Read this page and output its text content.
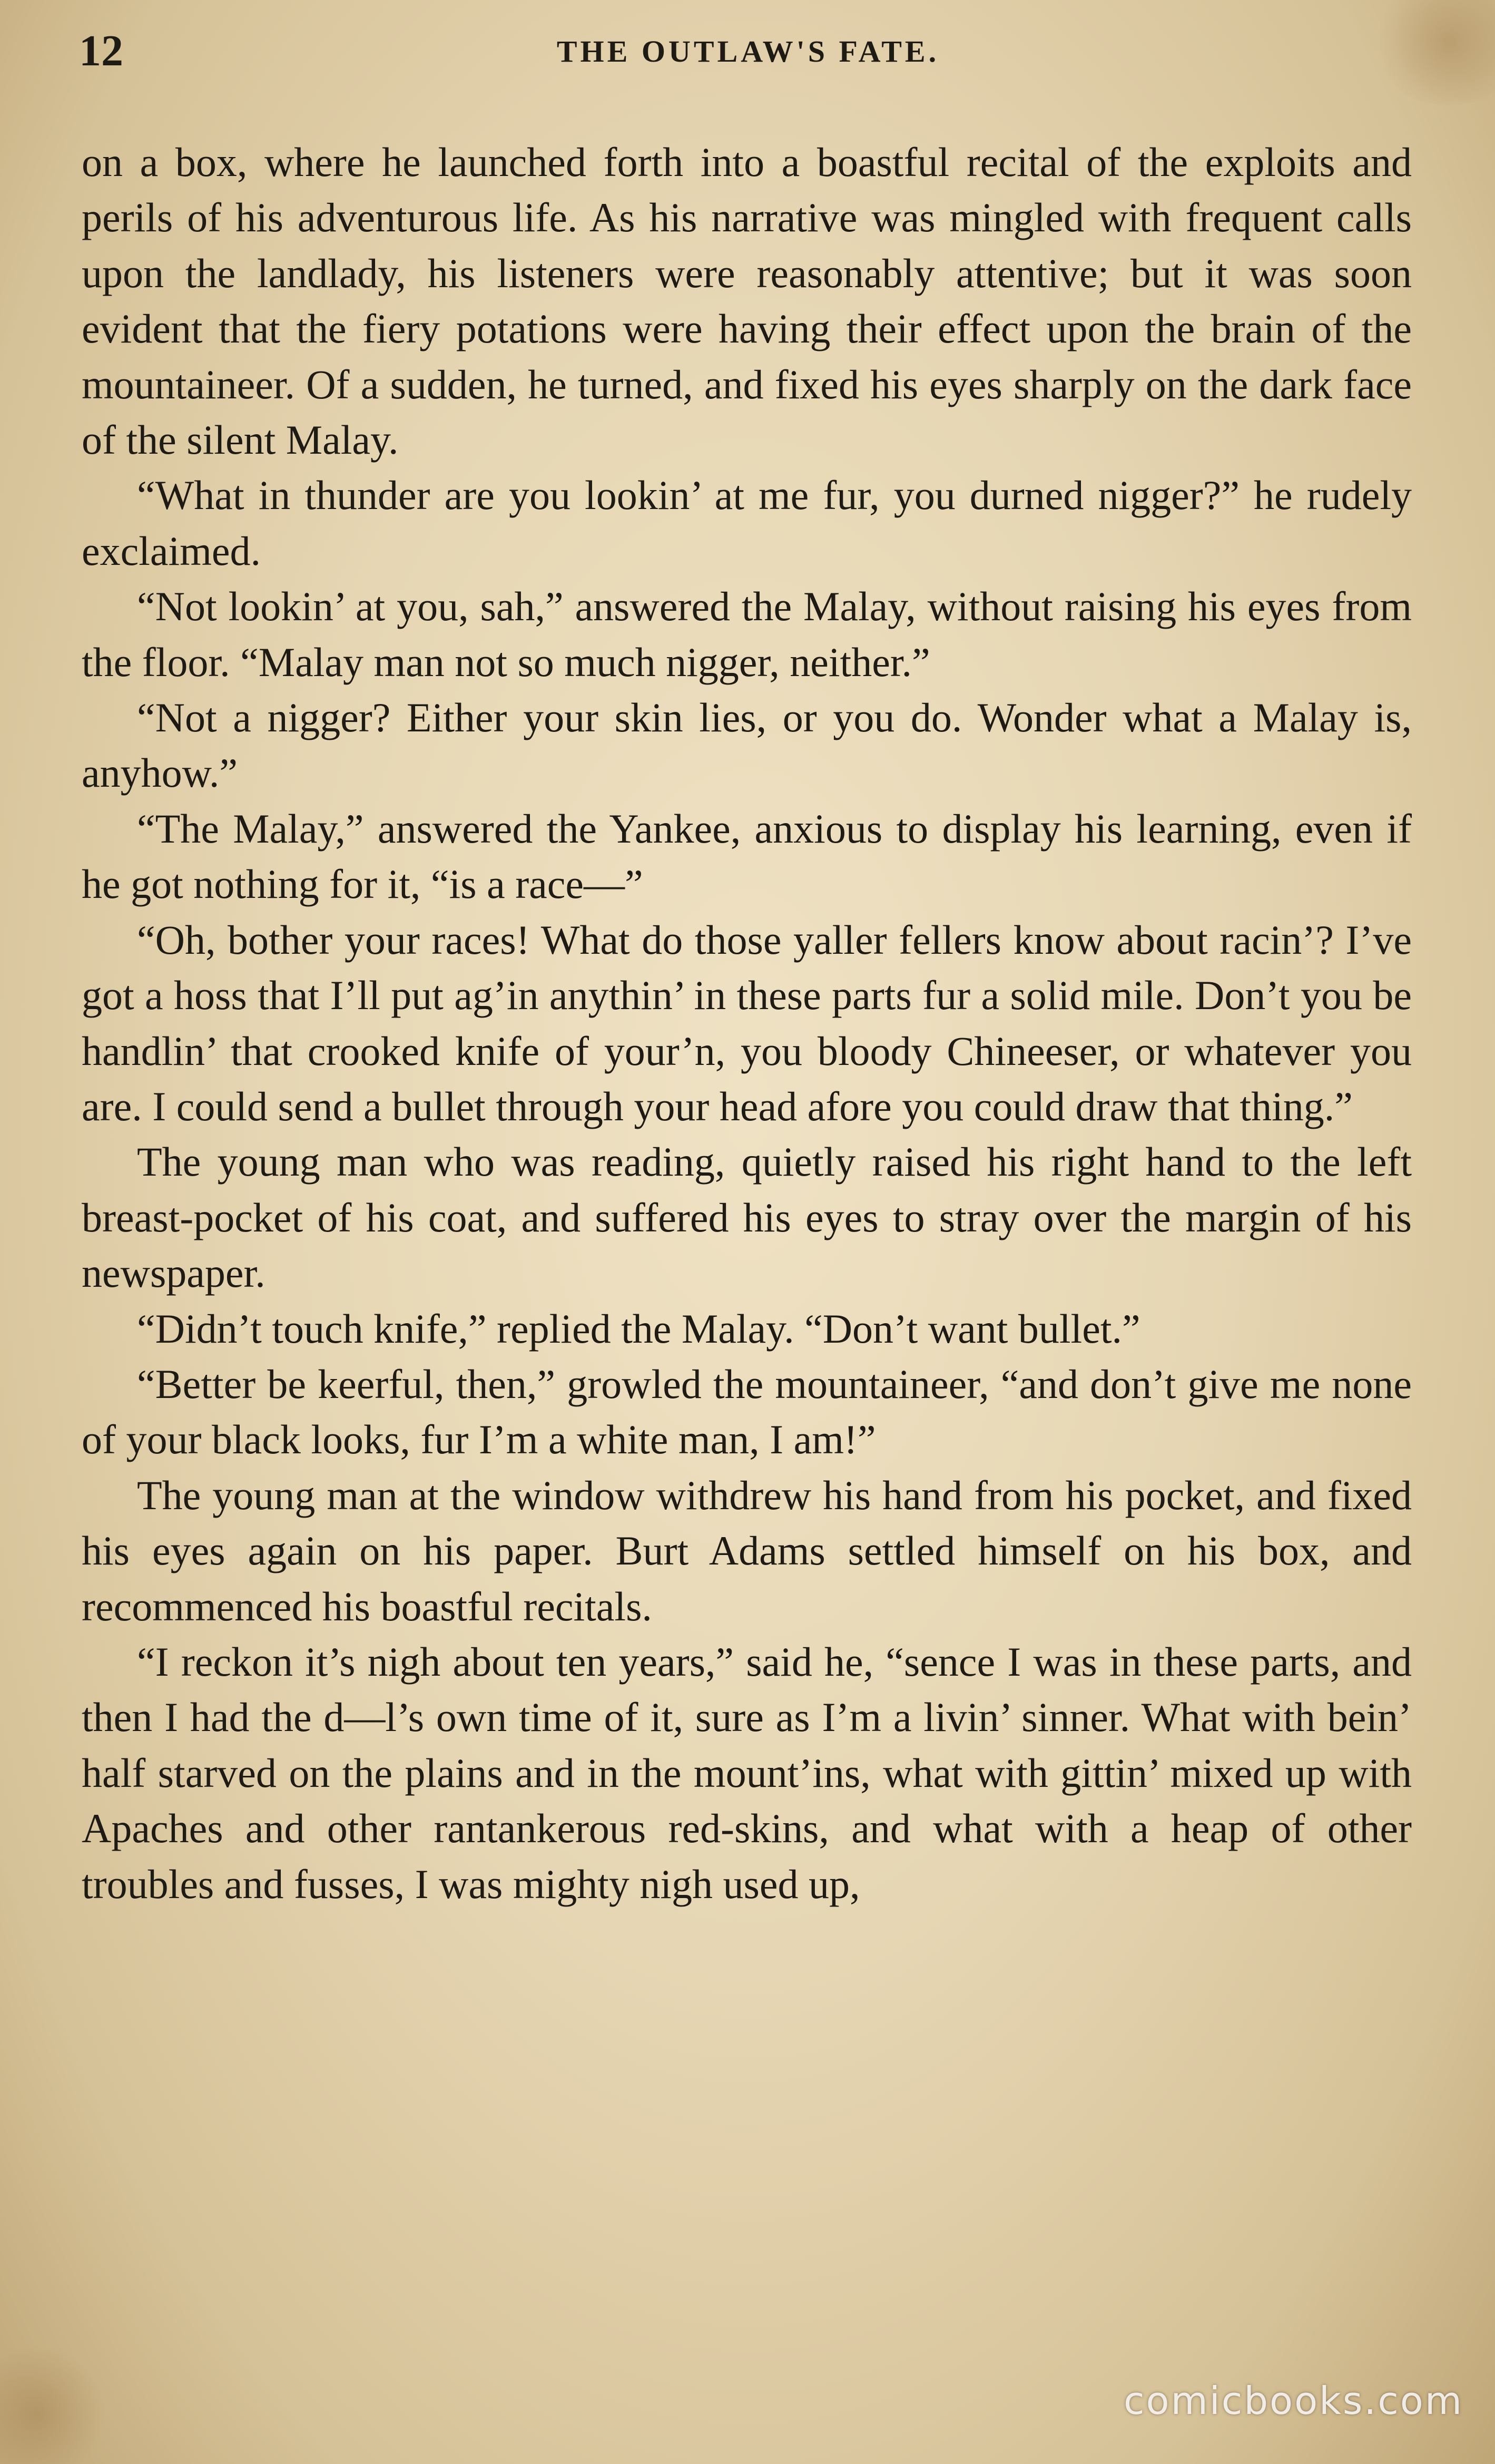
12	THE OUTLAW'S FATE.

on a box, where he launched forth into a boastful recital of the exploits and perils of his adventurous life. As his narrative was mingled with frequent calls upon the landlady, his listeners were reasonably attentive; but it was soon evident that the fiery potations were having their effect upon the brain of the mountaineer. Of a sudden, he turned, and fixed his eyes sharply on the dark face of the silent Malay.

“What in thunder are you lookin’ at me fur, you durned nigger?” he rudely exclaimed.

“Not lookin’ at you, sah,” answered the Malay, without raising his eyes from the floor. “Malay man not so much nigger, neither.”

“Not a nigger? Either your skin lies, or you do. Wonder what a Malay is, anyhow.”

“The Malay,” answered the Yankee, anxious to display his learning, even if he got nothing for it, “is a race—”

“Oh, bother your races! What do those yaller fellers know about racin’? I’ve got a hoss that I’ll put ag’in anythin’ in these parts fur a solid mile. Don’t you be handlin’ that crooked knife of your’n, you bloody Chineeser, or whatever you are. I could send a bullet through your head afore you could draw that thing.”

The young man who was reading, quietly raised his right hand to the left breast-pocket of his coat, and suffered his eyes to stray over the margin of his newspaper.

“Didn’t touch knife,” replied the Malay. “Don’t want bullet.”

“Better be keerful, then,” growled the mountaineer, “and don’t give me none of your black looks, fur I’m a white man, I am!”

The young man at the window withdrew his hand from his pocket, and fixed his eyes again on his paper. Burt Adams settled himself on his box, and recommenced his boastful recitals.

“I reckon it’s nigh about ten years,” said he, “sence I was in these parts, and then I had the d—l’s own time of it, sure as I’m a livin’ sinner. What with bein’ half starved on the plains and in the mount’ins, what with gittin’ mixed up with Apaches and other rantankerous red-skins, and what with a heap of other troubles and fusses, I was mighty nigh used up,

comicbooks.com
